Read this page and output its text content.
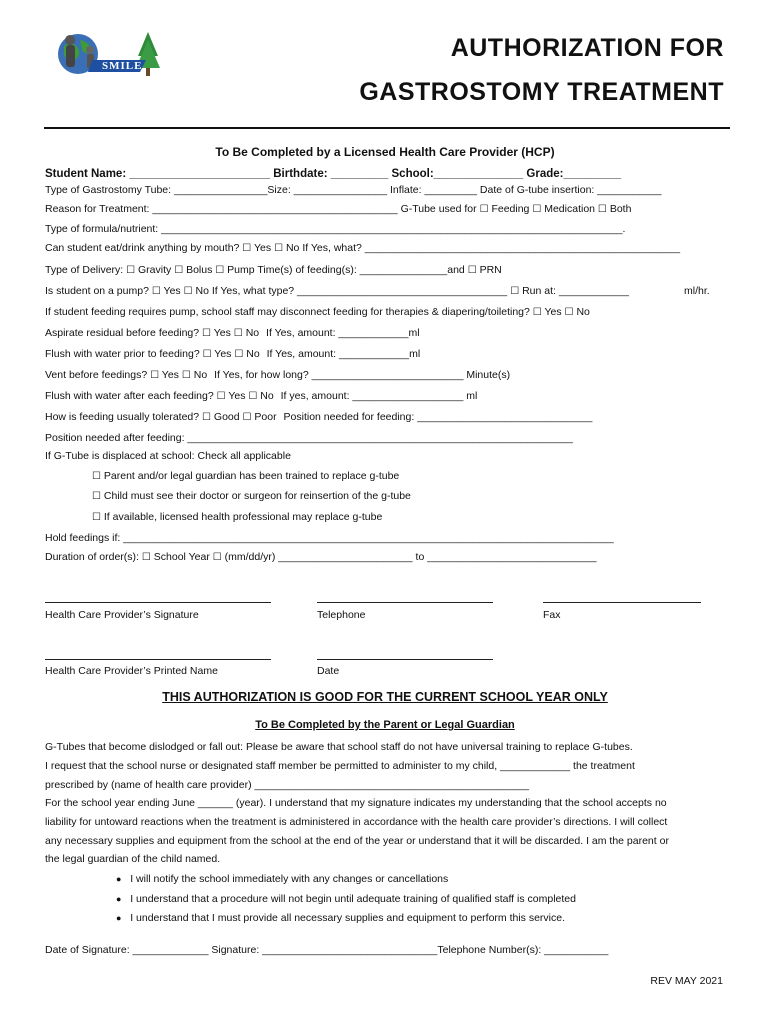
SMILE
AUTHORIZATION FOR
GASTROSTOMY TREATMENT
To Be Completed by a Licensed Health Care Provider (HCP)
Student Name: ______________________ Birthdate: _________ School:______________ Grade:_________
Type of Gastrostomy Tube: ________________Size: ________________ Inflate: _________ Date of G-tube insertion: ___________
Reason for Treatment: __________________________________________ G-Tube used for ☐ Feeding ☐ Medication ☐ Both
Type of formula/nutrient: _______________________________________________________________________________.
Can student eat/drink anything by mouth? ☐ Yes ☐ No If Yes, what? ______________________________________________________
Type of Delivery: ☐ Gravity ☐ Bolus ☐ Pump Time(s) of feeding(s): _______________and ☐ PRN
Is student on a pump? ☐ Yes ☐ No If Yes, what type? ____________________________________ ☐ Run at: ____________	ml/hr.
If student feeding requires pump, school staff may disconnect feeding for therapies & diapering/toileting? ☐ Yes ☐ No
Aspirate residual before feeding? ☐ Yes ☐ No If Yes, amount: ____________ml
Flush with water prior to feeding? ☐ Yes ☐ No If Yes, amount: ____________ml
Vent before feedings? ☐ Yes ☐ No If Yes, for how long? __________________________ Minute(s)
Flush with water after each feeding? ☐ Yes ☐ No If yes, amount: ___________________ ml
How is feeding usually tolerated? ☐ Good ☐ Poor Position needed for feeding: ______________________________
Position needed after feeding: __________________________________________________________________
If G-Tube is displaced at school: Check all applicable
☐ Parent and/or legal guardian has been trained to replace g-tube
☐ Child must see their doctor or surgeon for reinsertion of the g-tube
☐ If available, licensed health professional may replace g-tube
Hold feedings if: ____________________________________________________________________________________
Duration of order(s): ☐ School Year ☐ (mm/dd/yr) _______________________ to _____________________________
Health Care Provider’s Signature	Telephone	Fax
Health Care Provider’s Printed Name	Date
THIS AUTHORIZATION IS GOOD FOR THE CURRENT SCHOOL YEAR ONLY
To Be Completed by the Parent or Legal Guardian
G-Tubes that become dislodged or fall out: Please be aware that school staff do not have universal training to replace G-tubes.
I request that the school nurse or designated staff member be permitted to administer to my child, ____________ the treatment
prescribed by (name of health care provider) _______________________________________________
For the school year ending June ______ (year). I understand that my signature indicates my understanding that the school accepts no
liability for untoward reactions when the treatment is administered in accordance with the health care provider’s directions. I will collect
any necessary supplies and equipment from the school at the end of the year or understand that it will be discarded. I am the parent or
the legal guardian of the child named.
● I will notify the school immediately with any changes or cancellations
● I understand that a procedure will not begin until adequate training of qualified staff is completed
● I understand that I must provide all necessary supplies and equipment to perform this service.
Date of Signature: _____________ Signature: ______________________________Telephone Number(s): ___________
REV MAY 2021
